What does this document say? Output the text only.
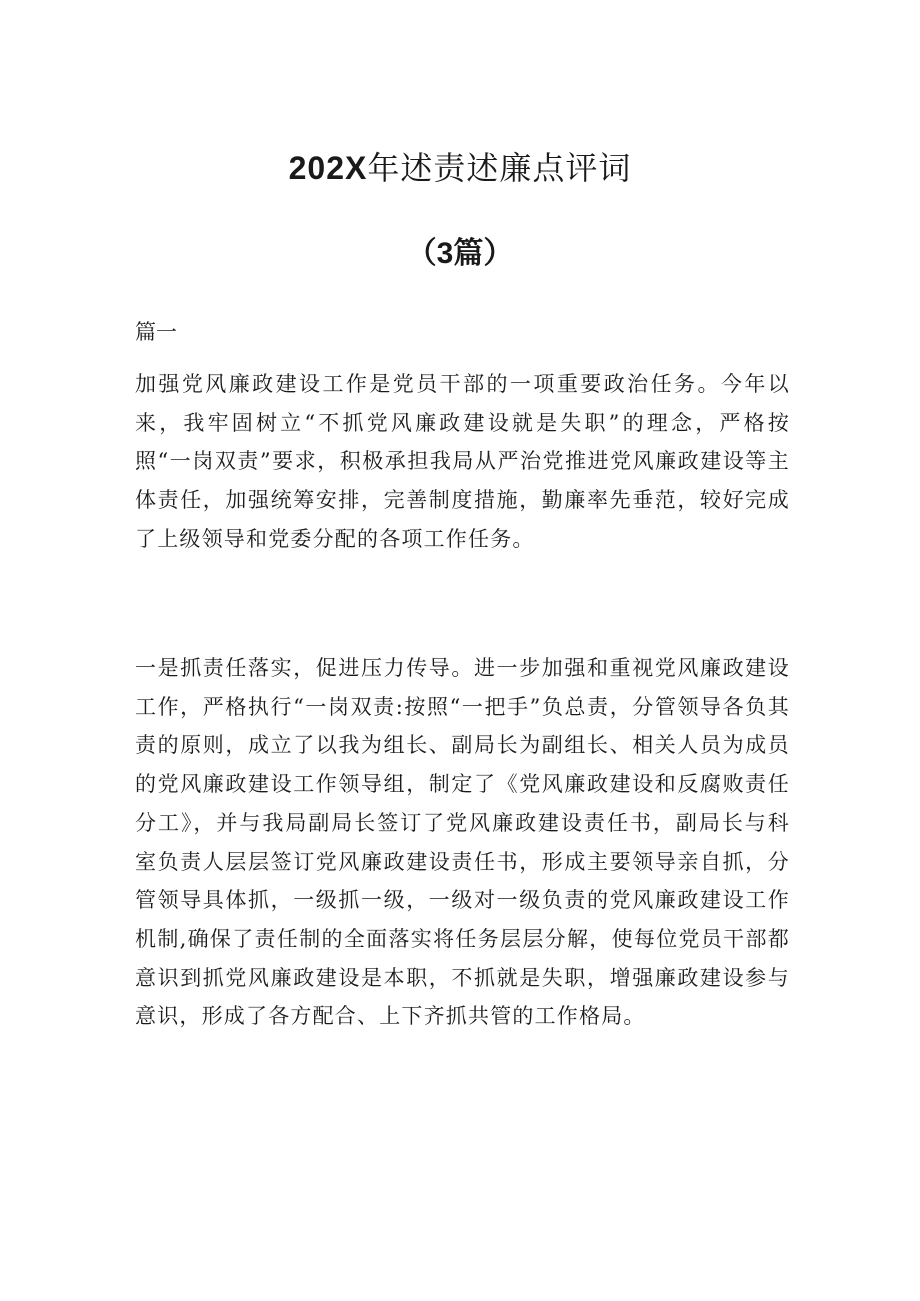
202X年述责述廉点评词
（3篇）

篇一

加强党风廉政建设工作是党员干部的一项重要政治任务。今年以来，我牢固树立“不抓党风廉政建设就是失职”的理念，严格按照“一岗双责”要求，积极承担我局从严治党推进党风廉政建设等主体责任，加强统筹安排，完善制度措施，勤廉率先垂范，较好完成了上级领导和党委分配的各项工作任务。

一是抓责任落实，促进压力传导。进一步加强和重视党风廉政建设工作，严格执行“一岗双责:按照“一把手”负总责，分管领导各负其责的原则，成立了以我为组长、副局长为副组长、相关人员为成员的党风廉政建设工作领导组，制定了《党风廉政建设和反腐败责任分工》，并与我局副局长签订了党风廉政建设责任书，副局长与科室负责人层层签订党风廉政建设责任书，形成主要领导亲自抓，分管领导具体抓，一级抓一级，一级对一级负责的党风廉政建设工作机制,确保了责任制的全面落实将任务层层分解，使每位党员干部都意识到抓党风廉政建设是本职，不抓就是失职，增强廉政建设参与意识，形成了各方配合、上下齐抓共管的工作格局。
